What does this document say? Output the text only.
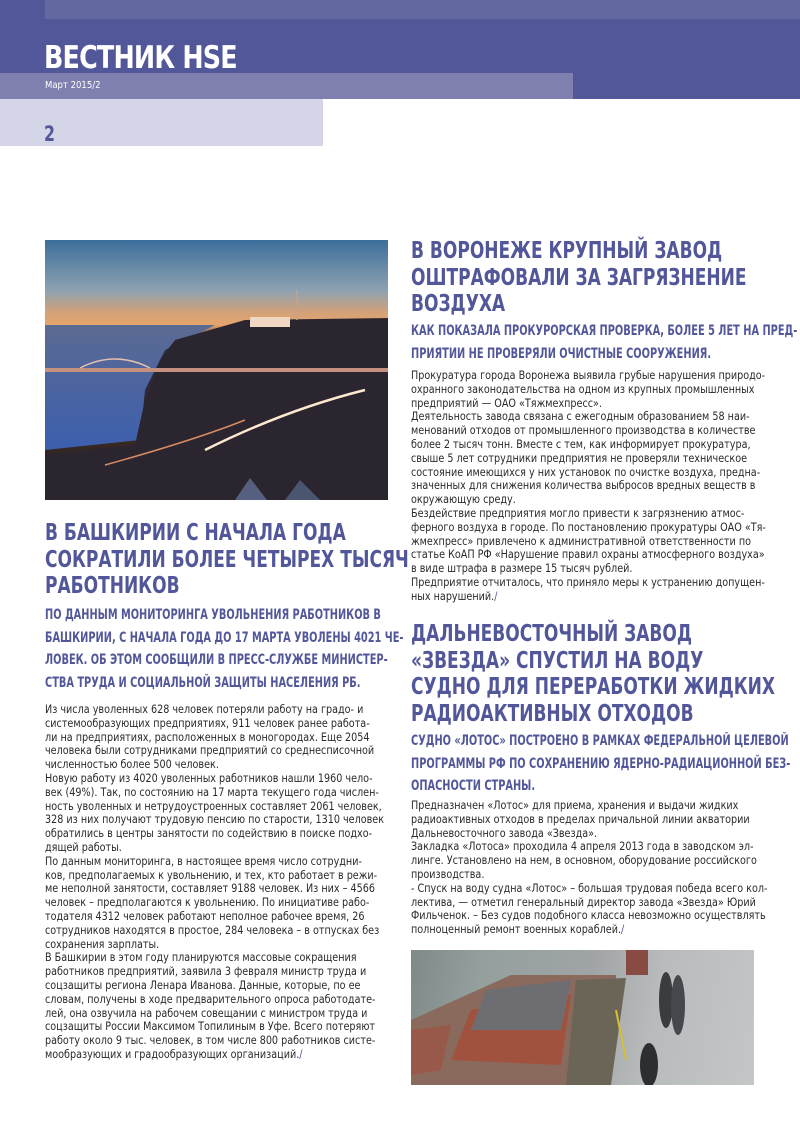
ВЕСТНИК HSE
Март 2015/2
2
В БАШКИРИИ С НАЧАЛА ГОДА
СОКРАТИЛИ БОЛЕЕ ЧЕТЫРЕХ ТЫСЯЧ
РАБОТНИКОВ

ПО ДАННЫМ МОНИТОРИНГА УВОЛЬНЕНИЯ РАБОТНИКОВ В
БАШКИРИИ, С НАЧАЛА ГОДА ДО 17 МАРТА УВОЛЕНЫ 4021 ЧЕ-
ЛОВЕК. ОБ ЭТОМ СООБЩИЛИ В ПРЕСС-СЛУЖБЕ МИНИСТЕР-
СТВА ТРУДА И СОЦИАЛЬНОЙ ЗАЩИТЫ НАСЕЛЕНИЯ РБ.

Из числа уволенных 628 человек потеряли работу на градо- и
системообразующих предприятиях, 911 человек ранее работа-
ли на предприятиях, расположенных в моногородах. Еще 2054
человека были сотрудниками предприятий со среднесписочной
численностью более 500 человек.
Новую работу из 4020 уволенных работников нашли 1960 чело-
век (49%). Так, по состоянию на 17 марта текущего года числен-
ность уволенных и нетрудоустроенных составляет 2061 человек,
328 из них получают трудовую пенсию по старости, 1310 человек
обратились в центры занятости по содействию в поиске подхо-
дящей работы.
По данным мониторинга, в настоящее время число сотрудни-
ков, предполагаемых к увольнению, и тех, кто работает в режи-
ме неполной занятости, составляет 9188 человек. Из них – 4566
человек – предполагаются к увольнению. По инициативе рабо-
тодателя 4312 человек работают неполное рабочее время, 26
сотрудников находятся в простое, 284 человека – в отпусках без
сохранения зарплаты.
В Башкирии в этом году планируются массовые сокращения
работников предприятий, заявила 3 февраля министр труда и
соцзащиты региона Ленара Иванова. Данные, которые, по ее
словам, получены в ходе предварительного опроса работодате-
лей, она озвучила на рабочем совещании с министром труда и
соцзащиты России Максимом Топилиным в Уфе. Всего потеряют
работу около 9 тыс. человек, в том числе 800 работников систе-
мообразующих и градообразующих организаций./
В ВОРОНЕЖЕ КРУПНЫЙ ЗАВОД
ОШТРАФОВАЛИ ЗА ЗАГРЯЗНЕНИЕ
ВОЗДУХА

КАК ПОКАЗАЛА ПРОКУРОРСКАЯ ПРОВЕРКА, БОЛЕЕ 5 ЛЕТ НА ПРЕД-
ПРИЯТИИ НЕ ПРОВЕРЯЛИ ОЧИСТНЫЕ СООРУЖЕНИЯ.

Прокуратура города Воронежа выявила грубые нарушения природо-
охранного законодательства на одном из крупных промышленных
предприятий — ОАО «Тяжмехпресс».
Деятельность завода связана с ежегодным образованием 58 наи-
менований отходов от промышленного производства в количестве
более 2 тысяч тонн. Вместе с тем, как информирует прокуратура,
свыше 5 лет сотрудники предприятия не проверяли техническое
состояние имеющихся у них установок по очистке воздуха, предна-
значенных для снижения количества выбросов вредных веществ в
окружающую среду.
Бездействие предприятия могло привести к загрязнению атмос-
ферного воздуха в городе. По постановлению прокуратуры ОАО «Тя-
жмехпресс» привлечено к административной ответственности по
статье КоАП РФ «Нарушение правил охраны атмосферного воздуха»
в виде штрафа в размере 15 тысяч рублей.
Предприятие отчиталось, что приняло меры к устранению допущен-
ных нарушений./
ДАЛЬНЕВОСТОЧНЫЙ ЗАВОД
«ЗВЕЗДА» СПУСТИЛ НА ВОДУ
СУДНО ДЛЯ ПЕРЕРАБОТКИ ЖИДКИХ
РАДИОАКТИВНЫХ ОТХОДОВ

СУДНО «ЛОТОС» ПОСТРОЕНО В РАМКАХ ФЕДЕРАЛЬНОЙ ЦЕЛЕВОЙ
ПРОГРАММЫ РФ ПО СОХРАНЕНИЮ ЯДЕРНО-РАДИАЦИОННОЙ БЕЗ-
ОПАСНОСТИ СТРАНЫ.

Предназначен «Лотос» для приема, хранения и выдачи жидких
радиоактивных отходов в пределах причальной линии акватории
Дальневосточного завода «Звезда».
Закладка «Лотоса» проходила 4 апреля 2013 года в заводском эл-
линге. Установлено на нем, в основном, оборудование российского
производства.
- Спуск на воду судна «Лотос» – большая трудовая победа всего кол-
лектива, — отметил генеральный директор завода «Звезда» Юрий
Фильченок. – Без судов подобного класса невозможно осуществлять
полноценный ремонт военных кораблей./
